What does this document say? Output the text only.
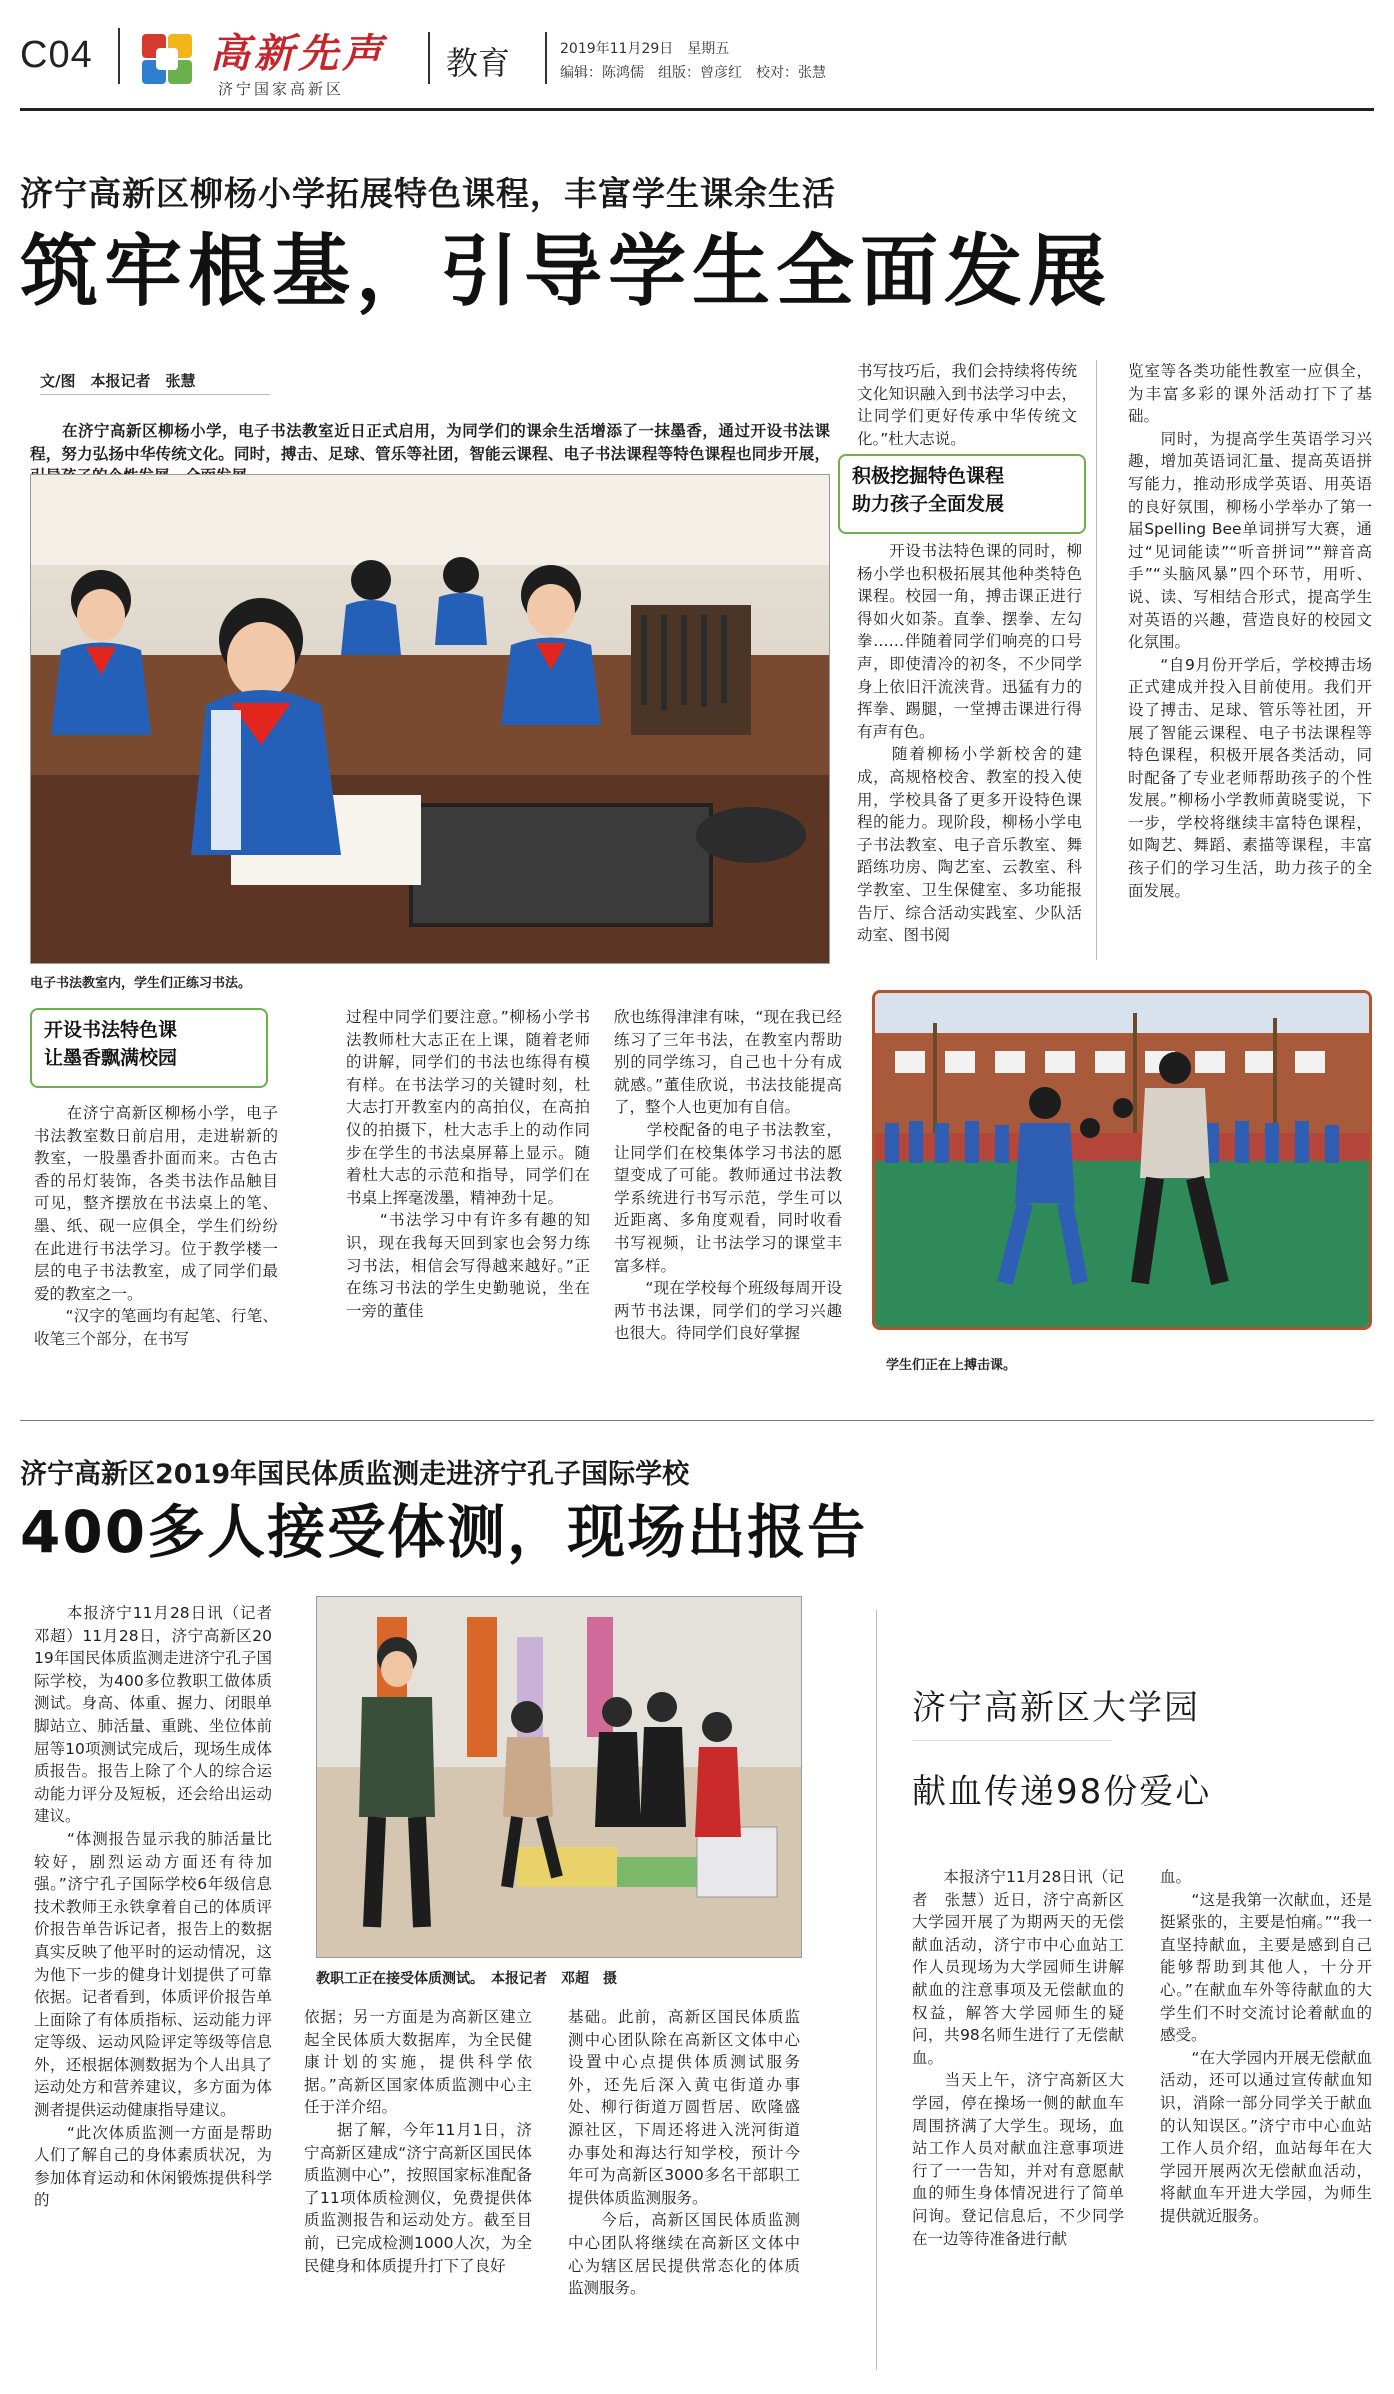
C04	高新先声
济宁国家高新区
教育	2019年11月29日　星期五
编辑：陈鸿儒　组版：曾彦红　校对：张慧
济宁高新区柳杨小学拓展特色课程，丰富学生课余生活
筑牢根基，引导学生全面发展
文/图　本报记者　张慧
　　在济宁高新区柳杨小学，电子书法教室近日正式启用，为同学们的课余生活增添了一抹墨香，通过开设书法课程，努力弘扬中华传统文化。同时，搏击、足球、管乐等社团，智能云课程、电子书法课程等特色课程也同步开展，
电子书法教室内，学生们正练习书法。
开设书法特色课
让墨香飘满校园
　　在济宁高新区柳杨小学，电子书法教室数日前启用，走进崭新的教室，一股墨香扑面而来。古色古香的吊灯装饰，各类书法作品触目可见，整齐摆放在书法桌上的笔、墨、纸、砚一应俱全，学生们纷纷在此进行书法学习。位于教学楼一层的电子书法教室，成了同学们最爱的教室之一。
　　“汉字的笔画均有起笔、行笔、收笔三个部分，在书写
过程中同学们要注意。”柳杨小学书法教师杜大志正在上课，随着老师的讲解，同学们的书法也练得有模有样。在书法学习的关键时刻，杜大志打开教室内的高拍仪，在高拍仪的拍摄下，杜大志手上的动作同步在学生的书法桌屏幕上显示。随着杜大志的示范和指导，同学们在书桌上挥毫泼墨，精神劲十足。
　　“书法学习中有许多有趣的知识，现在我每天回到家也会努力练习书法，相信会写得越来越好。”正在练习书法的学生史勤驰说，坐在一旁的董佳
欣也练得津津有味，“现在我已经练习了三年书法，在教室内帮助别的同学练习，自己也十分有成就感。”董佳欣说，书法技能提高了，整个人也更加有自信。
　　学校配备的电子书法教室，让同学们在校集体学习书法的愿望变成了可能。教师通过书法教学系统进行书写示范，学生可以近距离、多角度观看，同时收看书写视频，让书法学习的课堂丰富多样。
　　“现在学校每个班级每周开设两节书法课，同学们的学习兴趣也很大。待同学们良好掌握
书写技巧后，我们会持续将传统文化知识融入到书法学习中去，让同学们更好传承中华传统文化。”杜大志说。
积极挖掘特色课程
助力孩子全面发展
　　开设书法特色课的同时，柳杨小学也积极拓展其他种类特色课程。校园一角，搏击课正进行得如火如荼。直拳、摆拳、左勾拳……伴随着同学们响亮的口号声，即使清冷的初冬，不少同学身上依旧汗流浃背。迅猛有力的挥拳、踢腿，一堂搏击课进行得有声有色。
　　随着柳杨小学新校舍的建成，高规格校舍、教室的投入使用，学校具备了更多开设特色课程的能力。现阶段，柳杨小学电子书法教室、电子音乐教室、舞蹈练功房、陶艺室、云教室、科学教室、卫生保健室、多功能报告厅、综合活动实践室、少队活动室、图书阅
览室等各类功能性教室一应俱全，为丰富多彩的课外活动打下了基础。
　　同时，为提高学生英语学习兴趣，增加英语词汇量、提高英语拼写能力，推动形成学英语、用英语的良好氛围，柳杨小学举办了第一届Spelling Bee单词拼写大赛，通过“见词能读”“听音拼词”“辩音高手”“头脑风暴”四个环节，用听、说、读、写相结合形式，提高学生对英语的兴趣，营造良好的校园文化氛围。
　　“自9月份开学后，学校搏击场正式建成并投入目前使用。我们开设了搏击、足球、管乐等社团，开展了智能云课程、电子书法课程等特色课程，积极开展各类活动，同时配备了专业老师帮助孩子的个性发展。”柳杨小学教师黄晓雯说，下一步，学校将继续丰富特色课程，如陶艺、舞蹈、素描等课程，丰富孩子们的学习生活，助力孩子的全面发展。
学生们正在上搏击课。
济宁高新区2019年国民体质监测走进济宁孔子国际学校
400多人接受体测，现场出报告
　　本报济宁11月28日讯（记者　邓超）11月28日，济宁高新区2019年国民体质监测走进济宁孔子国际学校，为400多位教职工做体质测试。身高、体重、握力、闭眼单脚站立、肺活量、重跳、坐位体前屈等10项测试完成后，现场生成体质报告。报告上除了个人的综合运动能力评分及短板，还会给出运动建议。
　　“体测报告显示我的肺活量比较好，剧烈运动方面还有待加强。”济宁孔子国际学校6年级信息技术教师王永铁拿着自己的体质评价报告单告诉记者，报告上的数据真实反映了他平时的运动情况，这为他下一步的健身计划提供了可靠依据。记者看到，体质评价报告单上面除了有体质指标、运动能力评定等级、运动风险评定等级等信息外，还根据体测数据为个人出具了运动处方和营养建议，多方面为体测者提供运动健康指导建议。
　　“此次体质监测一方面是帮助人们了解自己的身体素质状况，为参加体育运动和休闲锻炼提供科学的
教职工正在接受体质测试。　本报记者　邓超　摄
依据；另一方面是为高新区建立起全民体质大数据库，为全民健康计划的实施，提供科学依据。”高新区国家体质监测中心主任于洋介绍。
　　据了解，今年11月1日，济宁高新区建成“济宁高新区国民体质监测中心”，按照国家标准配备了11项体质检测仪，免费提供体质监测报告和运动处方。截至目前，已完成检测1000人次，为全民健身和体质提升打下了良好
基础。此前，高新区国民体质监测中心团队除在高新区文体中心设置中心点提供体质测试服务外，还先后深入黄屯街道办事处、柳行街道万圆哲居、欧隆盛源社区，下周还将进入洸河街道办事处和海达行知学校，预计今年可为高新区3000多名干部职工提供体质监测服务。
　　今后，高新区国民体质监测中心团队将继续在高新区文体中心为辖区居民提供常态化的体质监测服务。
济宁高新区大学园
献血传递98份爱心
　　本报济宁11月28日讯（记者　张慧）近日，济宁高新区大学园开展了为期两天的无偿献血活动，济宁市中心血站工作人员现场为大学园师生讲解献血的注意事项及无偿献血的权益，解答大学园师生的疑问，共98名师生进行了无偿献血。
　　当天上午，济宁高新区大学园，停在操场一侧的献血车周围挤满了大学生。现场，血站工作人员对献血注意事项进行了一一告知，并对有意愿献血的师生身体情况进行了简单问询。登记信息后，不少同学在一边等待准备进行献
血。
　　“这是我第一次献血，还是挺紧张的，主要是怕痛。”“我一直坚持献血，主要是感到自己能够帮助到其他人，十分开心。”在献血车外等待献血的大学生们不时交流讨论着献血的感受。
　　“在大学园内开展无偿献血活动，还可以通过宣传献血知识，消除一部分同学关于献血的认知误区。”济宁市中心血站工作人员介绍，血站每年在大学园开展两次无偿献血活动，将献血车开进大学园，为师生提供就近服务。
